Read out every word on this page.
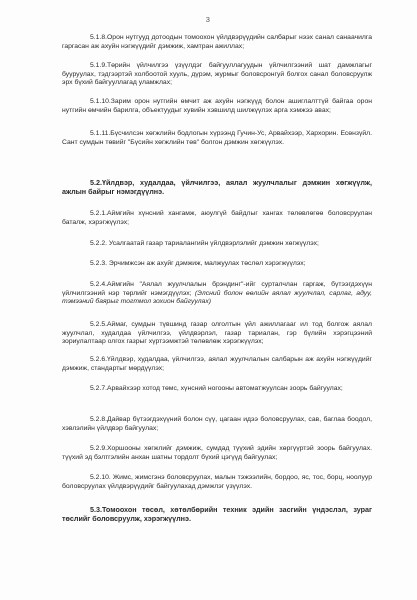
3

5.1.8.Орон нутгууд дотоодын томоохон үйлдвэрүүдийн салбарыг нээх санал санаачилга гаргасан аж ахуйн нэгжүүдийг дэмжиж, хамтран ажиллах;

5.1.9.Төрийн үйлчилгээ үзүүлдэг байгууллагуудын үйлчилгээний шат дамжлагыг бууруулах, тэдгээртэй холбоотой хууль, дүрэм, журмыг боловсронгуй болгох санал боловсруулж эрх бүхий байгууллагад уламжлах;

5.1.10.Зарим орон нутгийн өмчит аж ахуйн нэгжүүд болон ашиглалттүй байгаа орон нутгийн өмчийн барилга, объектуудыг хувийн хэвшилд шилжүүлэх арга хэмжээ авах;

5.1.11.Бүсчилсэн хөгжлийн бодлогын хүрээнд Гучин-Ус, Арвайхээр, Хархорин. Есөнзүйл. Сант сумдын төвийг "Бүсийн хөгжлийн төв" болгон дэмжин хөгжүүлэх.

5.2.Үйлдвэр, худалдаа, үйлчилгээ, аялал жуулчлалыг дэмжин хөгжүүлж, ажлын байрыг нэмэгдүүлнэ.

5.2.1.Аймгийн хүнсний хангамж, аюулгүй байдлыг хангах төлөвлөгөө боловсруулан баталж, хэрэгжүүлэх;

5.2.2. Усалгаатай газар тариалангийн үйлдвэрлэлийг дэмжин хөгжүүлэх;

5.2.3. Эрчимжсэн аж ахуйг дэмжиж, малжуулах төслөл хэрэгжүүлэх;

5.2.4.Аймгийн "Аялал жуулчлалын брэндинг"-ийг сурталчлан гаргаж, бүтээгдэхүүн үйлчилгээний нэр төрлийг нэмэгдүүлэх; (Элсний болон өөлийн аялал жуулчлал, сарлаг, адуу, тэмээний баярыг тогтмол зохион байгуулах)

5.2.5.Аймаг, сумдын түвшинд газар олголтын үйл ажиллагааг ил тод болгож аялал жуулчлал, худалдаа үйлчилгээ, үйлдвэрлэл, газар тариалан, гэр бүлийн хэрэгцээний зориулалтаар олгох газрыг хүртээмжтэй төлөвлөж хэрэгжүүлэх;

5.2.6.Үйлдвэр, худалдаа, үйлчилгээ, аялал жуулчлалын салбарын аж ахуйн нэгжүүдийг дэмжиж, стандартыг мөрдүүлэх;

5.2.7.Арвайхээр хотод төмс, хүнсний ногооны автоматжуулсан зоорь байгуулах;

5.2.8.Дайвар бүтээгдэхүүний болон сүү, цагаан идээ боловсруулах, сав, баглаа боодол, хэвлэлийн үйлдвэр байгуулах;

5.2.9.Хоршооны хөгжлийг дэмжиж, сумдад түүхий эдийн хөргүүртэй зоорь байгуулах. түүхий эд бэлтгэлийн анхан шатны тордолт бүхий цэгүүд байгуулах;

5.2.10. Жимс, жимсгэнэ боловсруулах, малын тэжээлийн, бордоо, яс, тос, борц, ноолуур боловсруулах үйлдвэрүүдийг байгуулахад дэмжлэг үзүүлэх.

5.3.Томоохон төсөл, хөтөлбөрийн техник эдийн засгийн үндэслэл, зураг төслийг боловсруулж, хэрэгжүүлнэ.
